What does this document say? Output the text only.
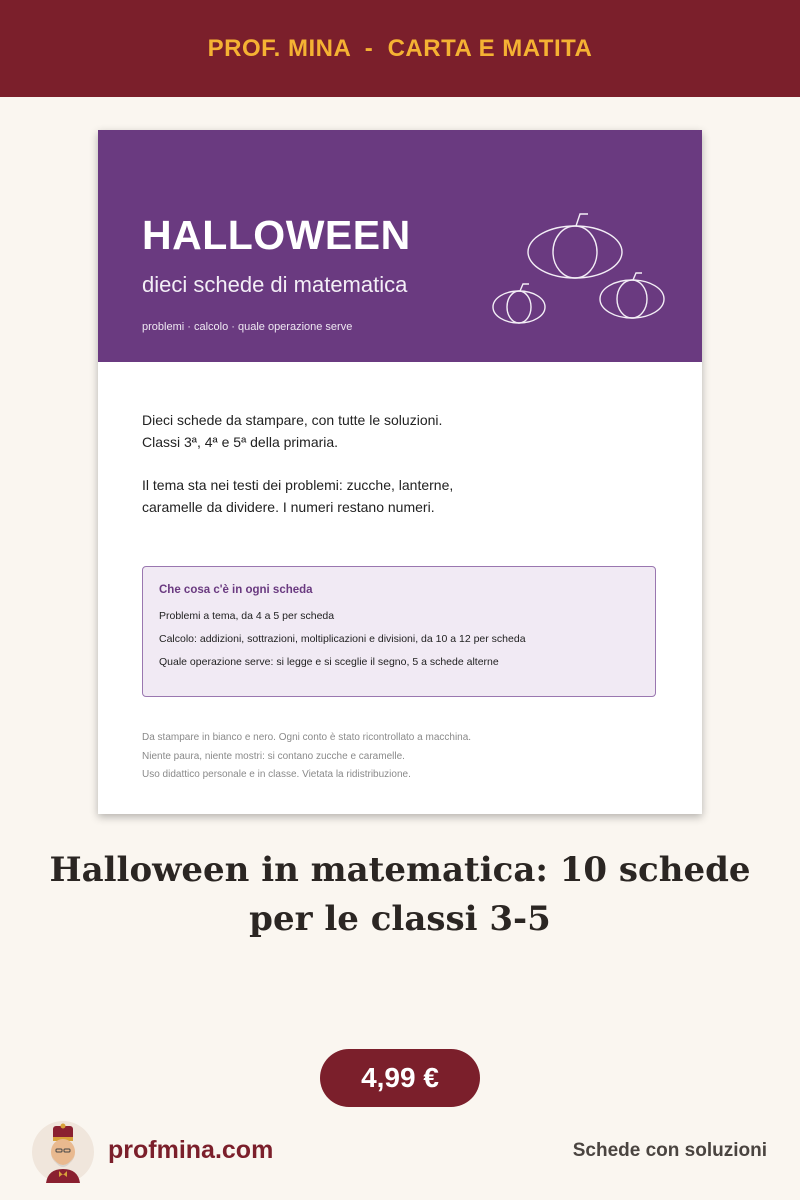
PROF. MINA  -  CARTA E MATITA
HALLOWEEN
dieci schede di matematica
problemi · calcolo · quale operazione serve

Dieci schede da stampare, con tutte le soluzioni.

Classi 3ª, 4ª e 5ª della primaria.

Il tema sta nei testi dei problemi: zucche, lanterne,

caramelle da dividere. I numeri restano numeri.

Che cosa c'è in ogni scheda
Problemi a tema, da 4 a 5 per scheda
Calcolo: addizioni, sottrazioni, moltiplicazioni e divisioni, da 10 a 12 per scheda
Quale operazione serve: si legge e si sceglie il segno, 5 a schede alterne
Da stampare in bianco e nero. Ogni conto è stato ricontrollato a macchina.
Niente paura, niente mostri: si contano zucche e caramelle.
Uso didattico personale e in classe. Vietata la ridistribuzione.
Halloween in matematica: 10 schede
per le classi 3-5
4,99 €
profmina.com	Schede con soluzioni
